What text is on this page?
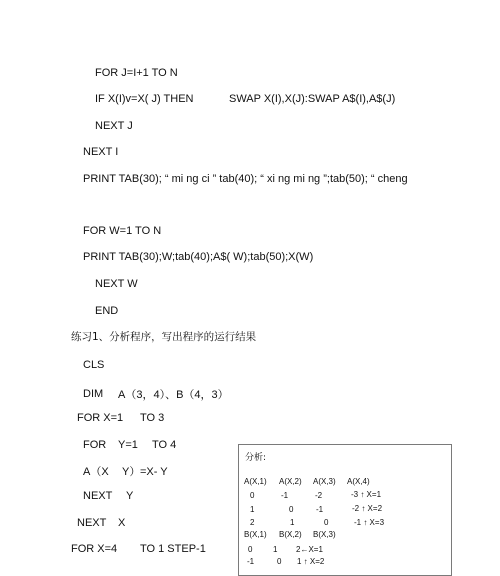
FOR J=I+1 TO N
IF X(I)v=X( J) THEN	SWAP X(I),X(J):SWAP A$(I),A$(J)
NEXT J
NEXT I
PRINT TAB(30); “ mi ng ci ” tab(40); “ xi ng mi ng ”;tab(50); “ cheng
FOR W=1 TO N
PRINT TAB(30);W;tab(40);A$( W);tab(50);X(W)
NEXT W
END
练习1、分析程序，写出程序的运行结果
CLS
DIM A（3，4）、B（4，3）
FOR X=1 TO 3
FOR Y=1 TO 4
A（X Y） =X- Y
NEXT Y
NEXT X
FOR X=4 TO 1 STEP-1
分析:
A(X,1) A(X,2) A(X,3) A(X,4)
0	-1	-2	-3 ↑ X=1
1	0	-1	-2 ↑ X=2
2	1	0	-1 ↑ X=3
B(X,1) B(X,2) B(X,3)
0	1 2←X=1
-1	0 1 ↑ X=2
